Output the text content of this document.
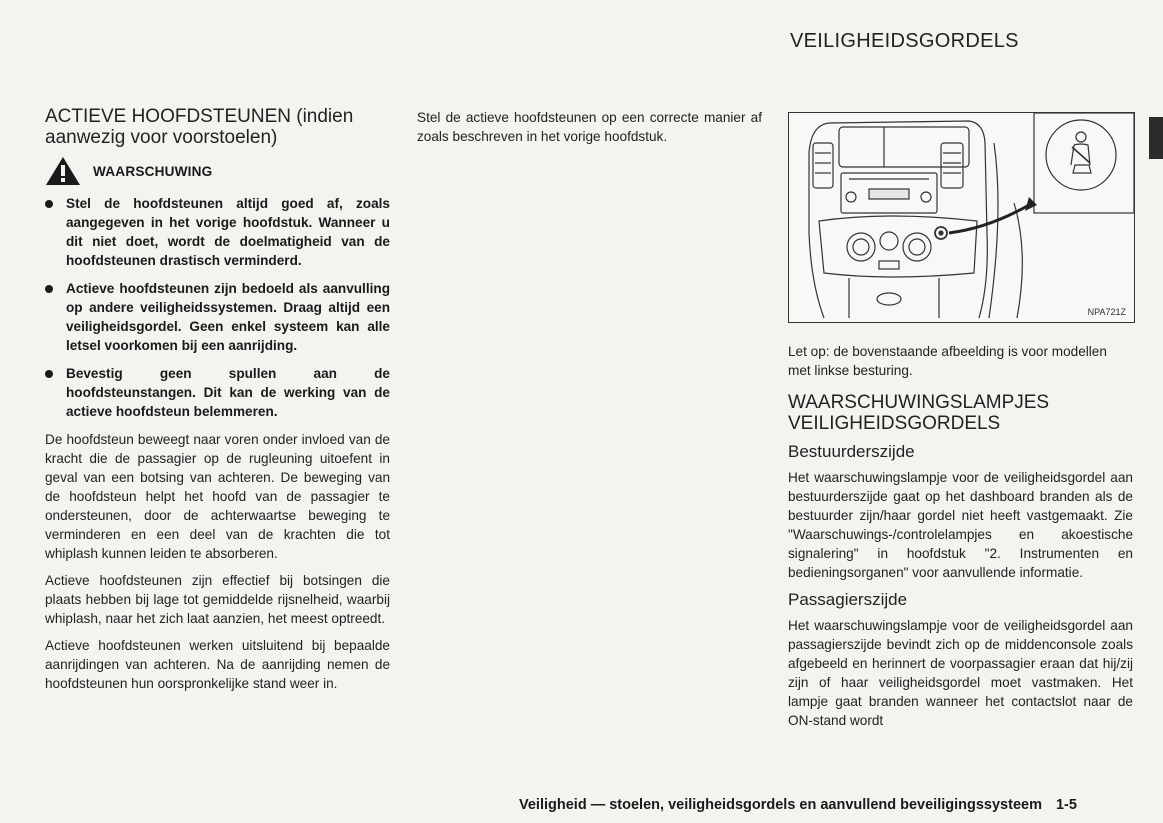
VEILIGHEIDSGORDELS
ACTIEVE HOOFDSTEUNEN (indien aanwezig voor voorstoelen)
WAARSCHUWING
Stel de hoofdsteunen altijd goed af, zoals aangegeven in het vorige hoofdstuk. Wanneer u dit niet doet, wordt de doelmatigheid van de hoofdsteunen drastisch verminderd.
Actieve hoofdsteunen zijn bedoeld als aanvulling op andere veiligheidssystemen. Draag altijd een veiligheidsgordel. Geen enkel systeem kan alle letsel voorkomen bij een aanrijding.
Bevestig geen spullen aan de hoofdsteunstangen. Dit kan de werking van de actieve hoofdsteun belemmeren.

De hoofdsteun beweegt naar voren onder invloed van de kracht die de passagier op de rugleuning uitoefent in geval van een botsing van achteren. De beweging van de hoofdsteun helpt het hoofd van de passagier te ondersteunen, door de achterwaartse beweging te verminderen en een deel van de krachten die tot whiplash kunnen leiden te absorberen.

Actieve hoofdsteunen zijn effectief bij botsingen die plaats hebben bij lage tot gemiddelde rijsnelheid, waarbij whiplash, naar het zich laat aanzien, het meest optreedt.

Actieve hoofdsteunen werken uitsluitend bij bepaalde aanrijdingen van achteren. Na de aanrijding nemen de hoofdsteunen hun oorspronkelijke stand weer in.

Stel de actieve hoofdsteunen op een correcte manier af zoals beschreven in het vorige hoofdstuk.

NPA721Z

Let op: de bovenstaande afbeelding is voor modellen met linkse besturing.

WAARSCHUWINGSLAMPJES VEILIGHEIDSGORDELS
Bestuurderszijde

Het waarschuwingslampje voor de veiligheidsgordel aan bestuurderszijde gaat op het dashboard branden als de bestuurder zijn/haar gordel niet heeft vastgemaakt. Zie "Waarschuwings-/controlelampjes en akoestische signalering" in hoofdstuk "2. Instrumenten en bedieningsorganen" voor aanvullende informatie.

Passagierszijde

Het waarschuwingslampje voor de veiligheidsgordel aan passagierszijde bevindt zich op de middenconsole zoals afgebeeld en herinnert de voorpassagier eraan dat hij/zij zijn of haar veiligheidsgordel moet vastmaken. Het lampje gaat branden wanneer het contactslot naar de ON-stand wordt

Veiligheid — stoelen, veiligheidsgordels en aanvullend beveiligingssysteem 1-5
